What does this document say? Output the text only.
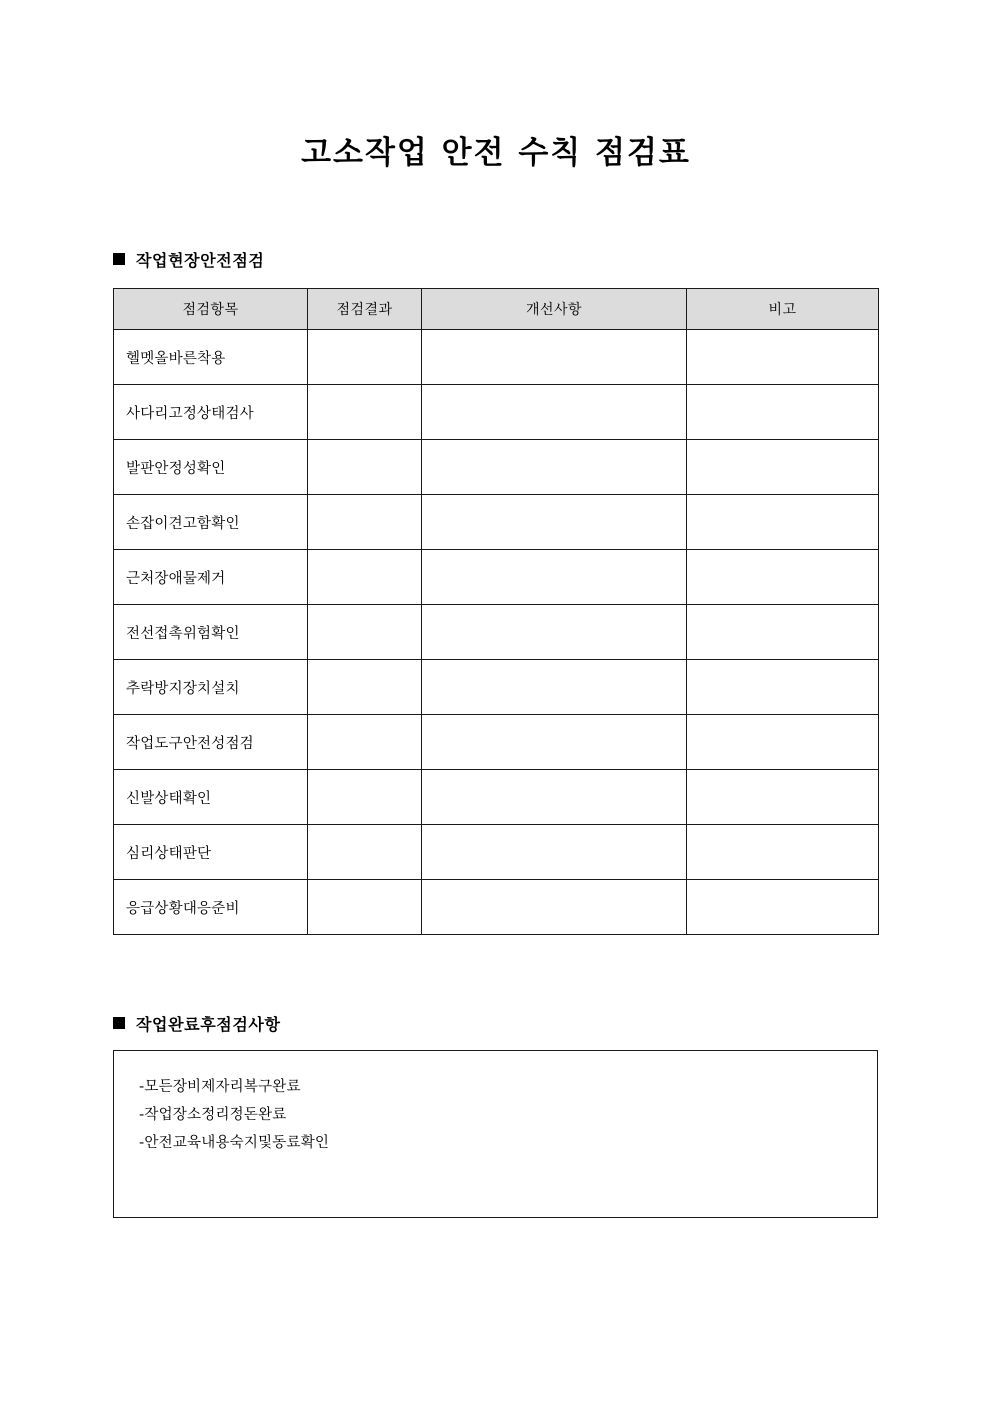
고소작업 안전 수칙 점검표
작업현장안전점검
점검항목	점검결과	개선사항	비고
헬멧올바른착용			
사다리고정상태검사			
발판안정성확인			
손잡이견고함확인			
근처장애물제거			
전선접촉위험확인			
추락방지장치설치			
작업도구안전성점검			
신발상태확인			
심리상태판단			
응급상황대응준비			
작업완료후점검사항
-모든장비제자리복구완료
-작업장소정리정돈완료
-안전교육내용숙지및동료확인
